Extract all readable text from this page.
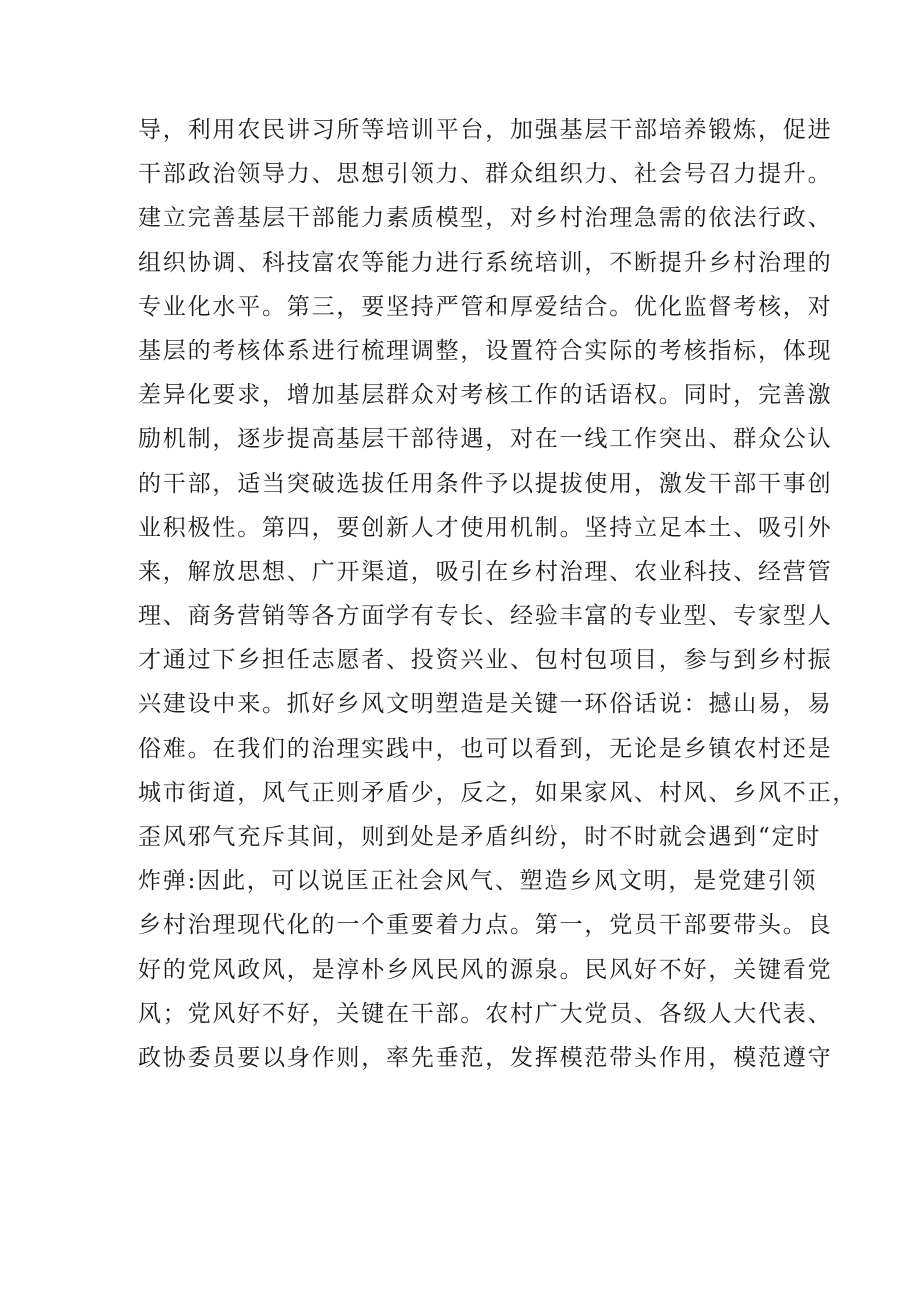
导，利用农民讲习所等培训平台，加强基层干部培养锻炼，促进
干部政治领导力、思想引领力、群众组织力、社会号召力提升。
建立完善基层干部能力素质模型，对乡村治理急需的依法行政、
组织协调、科技富农等能力进行系统培训，不断提升乡村治理的
专业化水平。第三，要坚持严管和厚爱结合。优化监督考核，对
基层的考核体系进行梳理调整，设置符合实际的考核指标，体现
差异化要求，增加基层群众对考核工作的话语权。同时，完善激
励机制，逐步提高基层干部待遇，对在一线工作突出、群众公认
的干部，适当突破选拔任用条件予以提拔使用，激发干部干事创
业积极性。第四，要创新人才使用机制。坚持立足本土、吸引外
来，解放思想、广开渠道，吸引在乡村治理、农业科技、经营管
理、商务营销等各方面学有专长、经验丰富的专业型、专家型人
才通过下乡担任志愿者、投资兴业、包村包项目，参与到乡村振
兴建设中来。抓好乡风文明塑造是关键一环俗话说：撼山易，易
俗难。在我们的治理实践中，也可以看到，无论是乡镇农村还是
城市街道，风气正则矛盾少，反之，如果家风、村风、乡风不正，
歪风邪气充斥其间，则到处是矛盾纠纷，时不时就会遇到“定时
炸弹:因此，可以说匡正社会风气、塑造乡风文明，是党建引领
乡村治理现代化的一个重要着力点。第一，党员干部要带头。良
好的党风政风，是淳朴乡风民风的源泉。民风好不好，关键看党
风；党风好不好，关键在干部。农村广大党员、各级人大代表、
政协委员要以身作则，率先垂范，发挥模范带头作用，模范遵守
